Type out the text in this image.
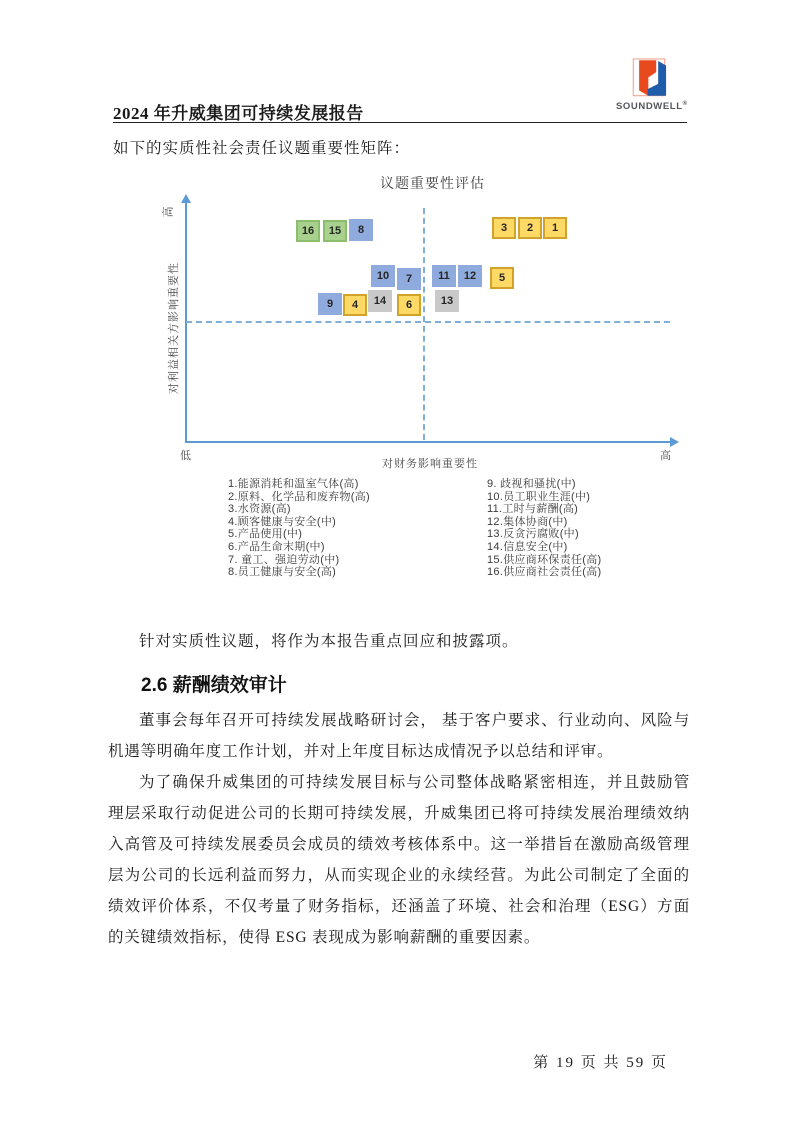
2024 年升威集团可持续发展报告	SOUNDWELL®
如下的实质性社会责任议题重要性矩阵：
议题重要性评估
高
对利益相关方影响重要性
低	高
对财务影响重要性
1
2
3
4
5
6
7
8
9
10	11	12
13
14
15
16
1.能源消耗和温室气体(高)
2.原料、化学品和废弃物(高)
3.水资源(高)
4.顾客健康与安全(中)
5.产品使用(中)
6.产品生命末期(中)
7. 童工、强迫劳动(中)
8.员工健康与安全(高)
9. 歧视和骚扰(中)
10.员工职业生涯(中)
11.工时与薪酬(高)
12.集体协商(中)
13.反贪污腐败(中)
14.信息安全(中)
15.供应商环保责任(高)
16.供应商社会责任(高)
针对实质性议题，将作为本报告重点回应和披露项。
2.6 薪酬绩效审计

董事会每年召开可持续发展战略研讨会， 基于客户要求、行业动向、风险与机遇等明确年度工作计划，并对上年度目标达成情况予以总结和评审。

为了确保升威集团的可持续发展目标与公司整体战略紧密相连，并且鼓励管理层采取行动促进公司的长期可持续发展，升威集团已将可持续发展治理绩效纳入高管及可持续发展委员会成员的绩效考核体系中。这一举措旨在激励高级管理层为公司的长远利益而努力，从而实现企业的永续经营。为此公司制定了全面的绩效评价体系，不仅考量了财务指标，还涵盖了环境、社会和治理（ESG）方面的关键绩效指标，使得 ESG 表现成为影响薪酬的重要因素。

第 19 页 共 59 页
